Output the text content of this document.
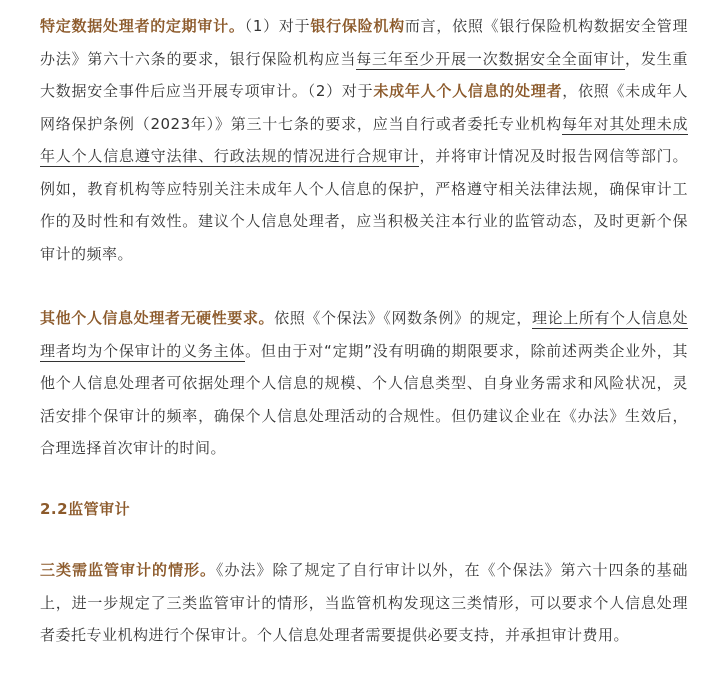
特定数据处理者的定期审计。（1）对于银行保险机构而言，依照《银行保险机构数据安全管理办法》第六十六条的要求，银行保险机构应当每三年至少开展一次数据安全全面审计，发生重大数据安全事件后应当开展专项审计。（2）对于未成年人个人信息的处理者，依照《未成年人网络保护条例（2023年）》第三十七条的要求，应当自行或者委托专业机构每年对其处理未成年人个人信息遵守法律、行政法规的情况进行合规审计，并将审计情况及时报告网信等部门。例如，教育机构等应特别关注未成年人个人信息的保护，严格遵守相关法律法规，确保审计工作的及时性和有效性。建议个人信息处理者，应当积极关注本行业的监管动态，及时更新个保审计的频率。

其他个人信息处理者无硬性要求。依照《个保法》《网数条例》的规定，理论上所有个人信息处理者均为个保审计的义务主体。但由于对“定期”没有明确的期限要求，除前述两类企业外，其他个人信息处理者可依据处理个人信息的规模、个人信息类型、自身业务需求和风险状况，灵活安排个保审计的频率，确保个人信息处理活动的合规性。但仍建议企业在《办法》生效后，合理选择首次审计的时间。

2.2监管审计

三类需监管审计的情形。《办法》除了规定了自行审计以外，在《个保法》第六十四条的基础上，进一步规定了三类监管审计的情形，当监管机构发现这三类情形，可以要求个人信息处理者委托专业机构进行个保审计。个人信息处理者需要提供必要支持，并承担审计费用。
